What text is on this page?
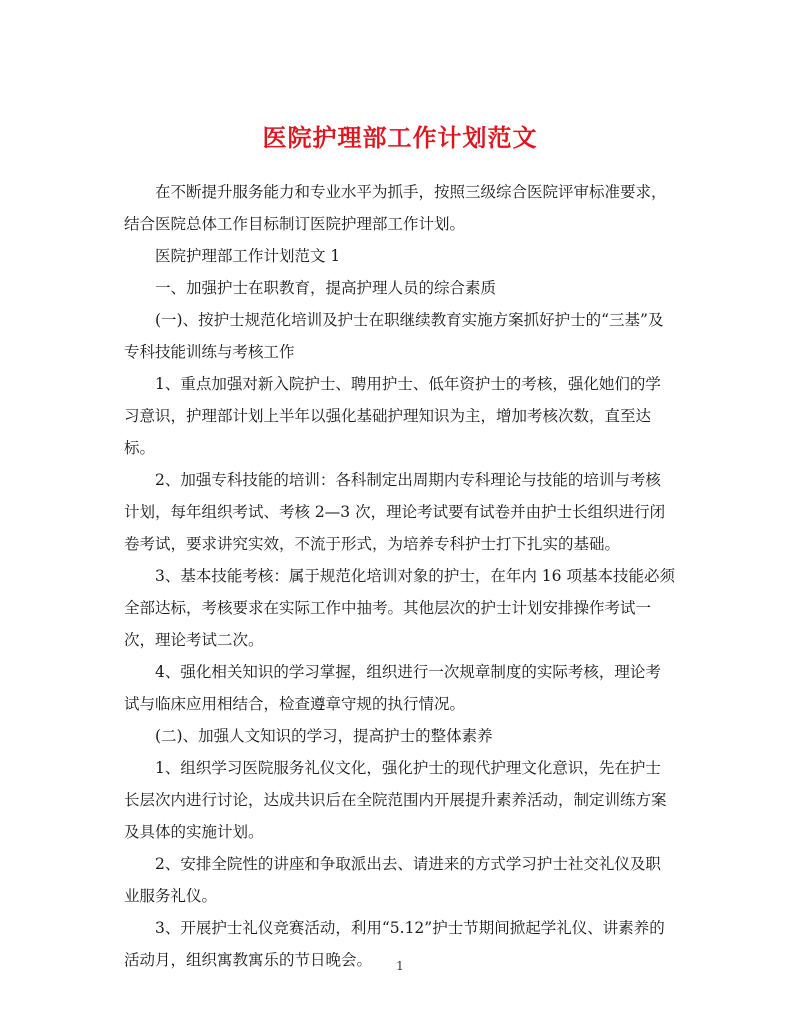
医院护理部工作计划范文

在不断提升服务能力和专业水平为抓手，按照三级综合医院评审标准要求，结合医院总体工作目标制订医院护理部工作计划。

医院护理部工作计划范文 1

一、加强护士在职教育，提高护理人员的综合素质

(一)、按护士规范化培训及护士在职继续教育实施方案抓好护士的“三基”及专科技能训练与考核工作

1、重点加强对新入院护士、聘用护士、低年资护士的考核，强化她们的学习意识，护理部计划上半年以强化基础护理知识为主，增加考核次数，直至达标。

2、加强专科技能的培训：各科制定出周期内专科理论与技能的培训与考核计划，每年组织考试、考核 2—3 次，理论考试要有试卷并由护士长组织进行闭卷考试，要求讲究实效，不流于形式，为培养专科护士打下扎实的基础。

3、基本技能考核：属于规范化培训对象的护士，在年内 16 项基本技能必须全部达标，考核要求在实际工作中抽考。其他层次的护士计划安排操作考试一次，理论考试二次。

4、强化相关知识的学习掌握，组织进行一次规章制度的实际考核，理论考试与临床应用相结合，检查遵章守规的执行情况。

(二)、加强人文知识的学习，提高护士的整体素养

1、组织学习医院服务礼仪文化，强化护士的现代护理文化意识，先在护士长层次内进行讨论，达成共识后在全院范围内开展提升素养活动，制定训练方案及具体的实施计划。

2、安排全院性的讲座和争取派出去、请进来的方式学习护士社交礼仪及职业服务礼仪。

3、开展护士礼仪竞赛活动，利用“5.12”护士节期间掀起学礼仪、讲素养的活动月，组织寓教寓乐的节日晚会。	1
